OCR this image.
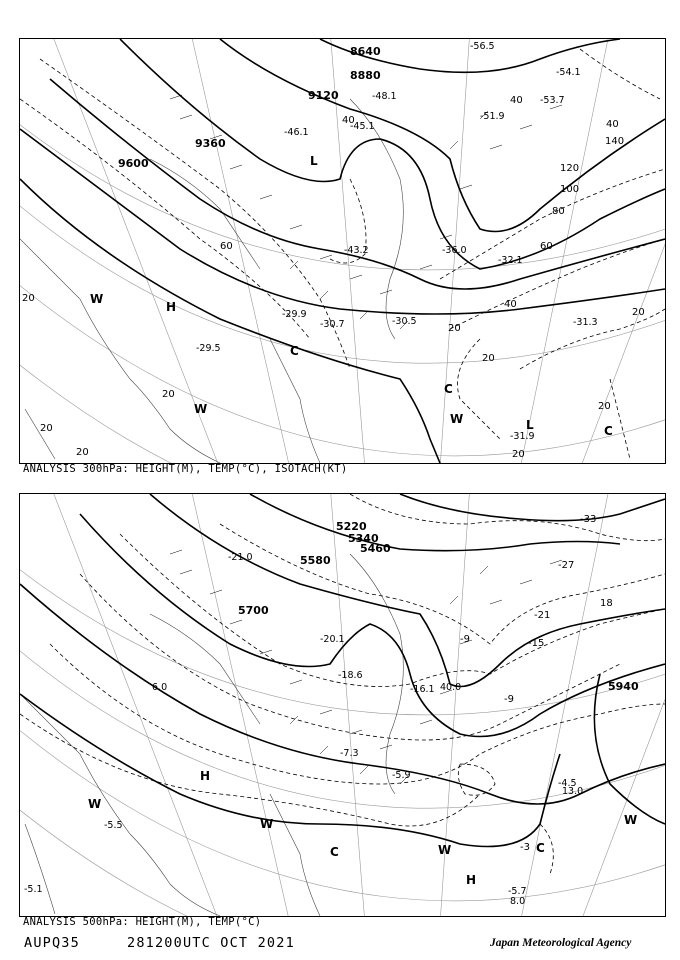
8640
8880
9120
9360
9600
40
40
40
60
60
80
100
120
140
40
20
20
20
20
20
20
20	20
20
-31.3
-32.1
-30.5
-30.7
-29.9
-29.5
-36.0
-43.2
-45.1
-46.1
-48.1
-51.9
-54.1
-56.5
-53.7
-31.9
H
L
L
W
W
W
C
C
C
ANALYSIS 300hPa: HEIGHT(M), TEMP(°C), ISOTACH(KT)
5220
5340
5460
5580
5700
5940
-33
-27
-21
-15
-9
18
-4.5
-5.5
-5.7
-5.9
-5.1
-16.1
-21.0
-20.1
-18.6
-7.3
13.0
8.0
6.0	40.0
-9
-3
H
H
C	C
W
W
W
W
ANALYSIS 500hPa: HEIGHT(M), TEMP(°C)
AUPQ35	281200UTC OCT 2021	Japan Meteorological Agency
